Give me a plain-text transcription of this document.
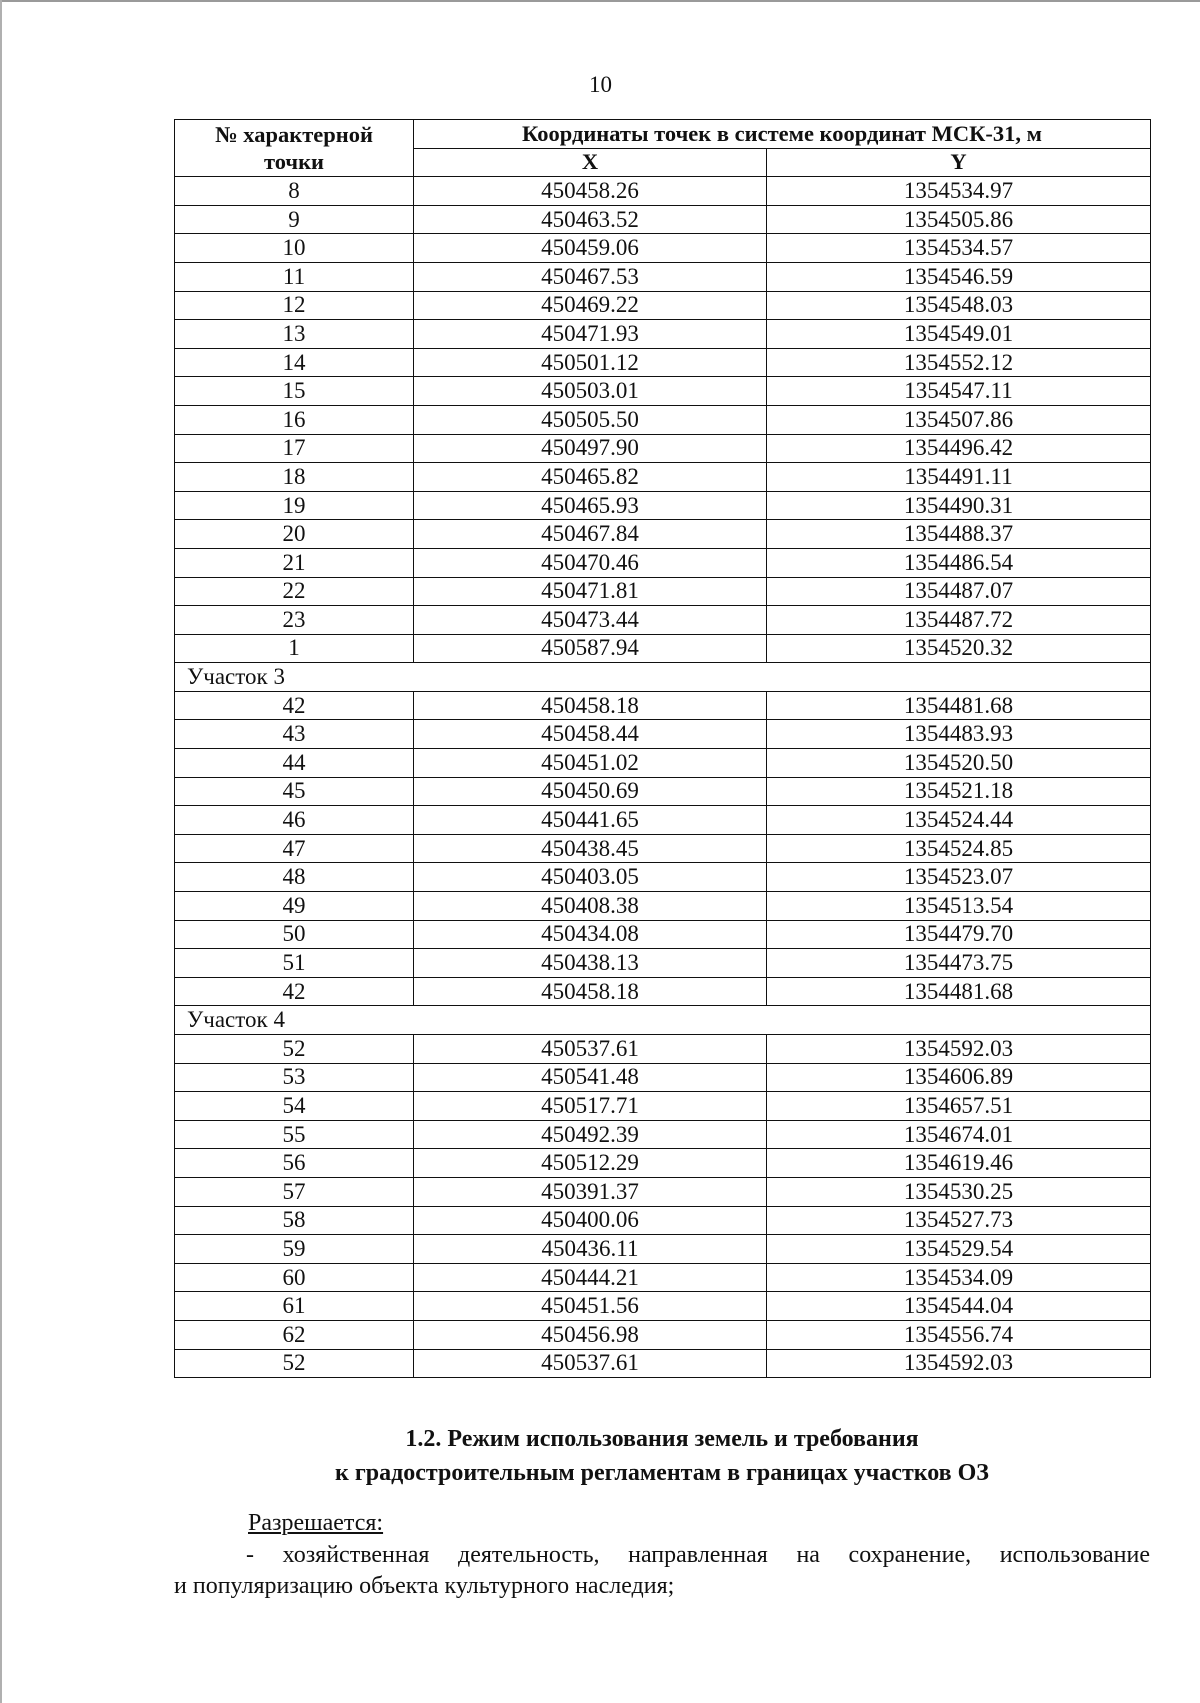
10
№ характерной
точки	Координаты точек в системе координат МСК-31, м	
	X	Y
8	450458.26	1354534.97
9	450463.52	1354505.86
10	450459.06	1354534.57
11	450467.53	1354546.59
12	450469.22	1354548.03
13	450471.93	1354549.01
14	450501.12	1354552.12
15	450503.01	1354547.11
16	450505.50	1354507.86
17	450497.90	1354496.42
18	450465.82	1354491.11
19	450465.93	1354490.31
20	450467.84	1354488.37
21	450470.46	1354486.54
22	450471.81	1354487.07
23	450473.44	1354487.72
1	450587.94	1354520.32
Участок 3		
42	450458.18	1354481.68
43	450458.44	1354483.93
44	450451.02	1354520.50
45	450450.69	1354521.18
46	450441.65	1354524.44
47	450438.45	1354524.85
48	450403.05	1354523.07
49	450408.38	1354513.54
50	450434.08	1354479.70
51	450438.13	1354473.75
42	450458.18	1354481.68
Участок 4		
52	450537.61	1354592.03
53	450541.48	1354606.89
54	450517.71	1354657.51
55	450492.39	1354674.01
56	450512.29	1354619.46
57	450391.37	1354530.25
58	450400.06	1354527.73
59	450436.11	1354529.54
60	450444.21	1354534.09
61	450451.56	1354544.04
62	450456.98	1354556.74
52	450537.61	1354592.03
1.2. Режим использования земель и требования
к градостроительным регламентам в границах участков ОЗ
Разрешается:
- хозяйственная деятельность, направленная на сохранение, использование
и популяризацию объекта культурного наследия;
